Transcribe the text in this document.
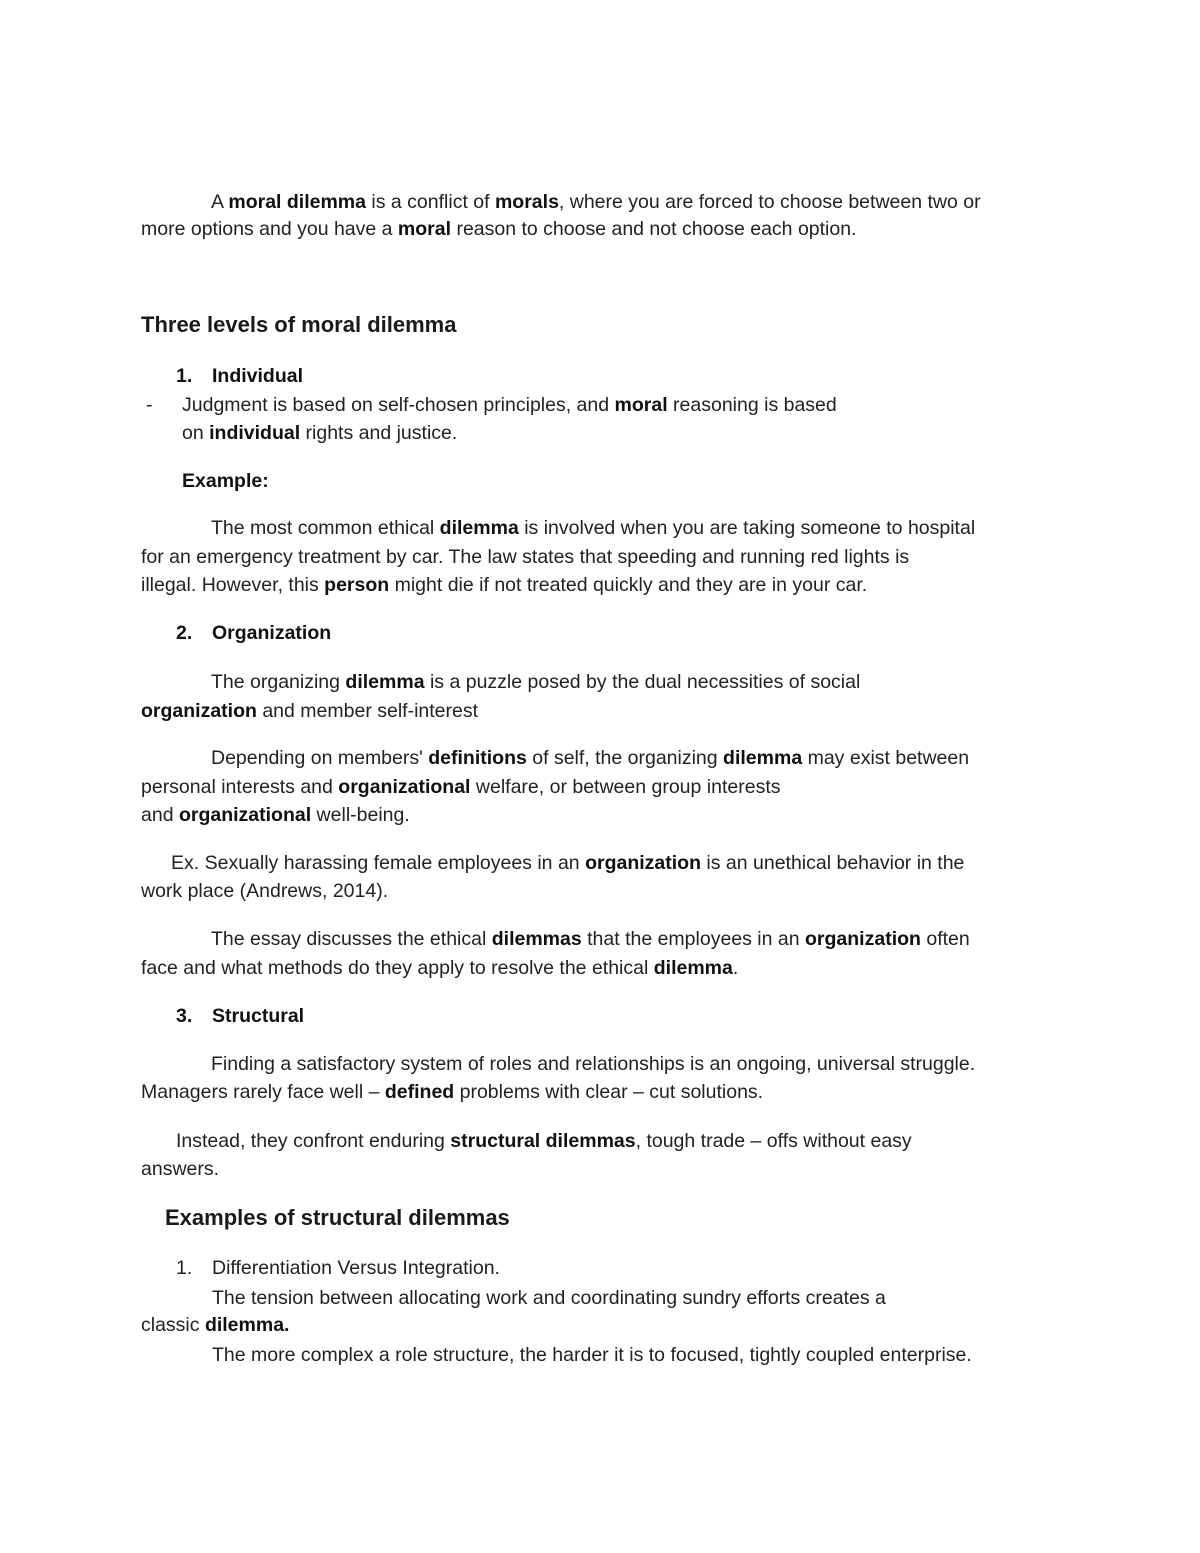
A moral dilemma is a conflict of morals, where you are forced to choose between two or
more options and you have a moral reason to choose and not choose each option.
Three levels of moral dilemma
1. Individual
- Judgment is based on self-chosen principles, and moral reasoning is based
on individual rights and justice.
Example:
The most common ethical dilemma is involved when you are taking someone to hospital
for an emergency treatment by car. The law states that speeding and running red lights is
illegal. However, this person might die if not treated quickly and they are in your car.
2. Organization
The organizing dilemma is a puzzle posed by the dual necessities of social
organization and member self-interest
Depending on members' definitions of self, the organizing dilemma may exist between
personal interests and organizational welfare, or between group interests
and organizational well-being.
Ex. Sexually harassing female employees in an organization is an unethical behavior in the
work place (Andrews, 2014).
The essay discusses the ethical dilemmas that the employees in an organization often
face and what methods do they apply to resolve the ethical dilemma.
3. Structural
Finding a satisfactory system of roles and relationships is an ongoing, universal struggle.
Managers rarely face well – defined problems with clear – cut solutions.
Instead, they confront enduring structural dilemmas, tough trade – offs without easy
answers.
Examples of structural dilemmas
1. Differentiation Versus Integration.
The tension between allocating work and coordinating sundry efforts creates a
classic dilemma.
The more complex a role structure, the harder it is to focused, tightly coupled enterprise.
